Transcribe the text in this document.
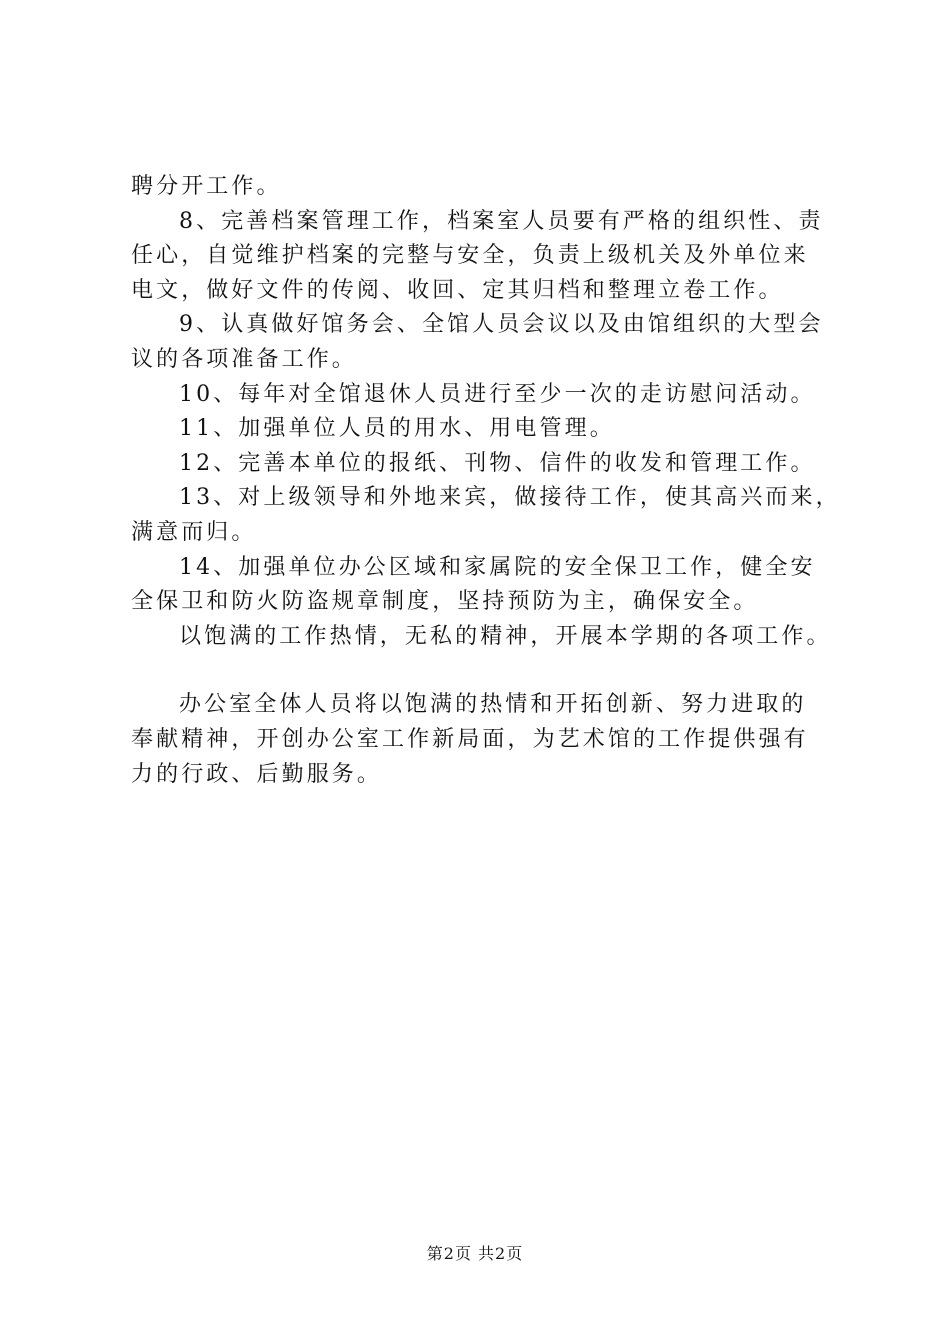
聘分开工作。
8、完善档案管理工作，档案室人员要有严格的组织性、责
任心，自觉维护档案的完整与安全，负责上级机关及外单位来
电文，做好文件的传阅、收回、定其归档和整理立卷工作。
9、认真做好馆务会、全馆人员会议以及由馆组织的大型会
议的各项准备工作。
10、每年对全馆退休人员进行至少一次的走访慰问活动。
11、加强单位人员的用水、用电管理。
12、完善本单位的报纸、刊物、信件的收发和管理工作。
13、对上级领导和外地来宾，做接待工作，使其高兴而来，
满意而归。
14、加强单位办公区域和家属院的安全保卫工作，健全安
全保卫和防火防盗规章制度，坚持预防为主，确保安全。
以饱满的工作热情，无私的精神，开展本学期的各项工作。
办公室全体人员将以饱满的热情和开拓创新、努力进取的
奉献精神，开创办公室工作新局面，为艺术馆的工作提供强有
力的行政、后勤服务。
第2页 共2页
